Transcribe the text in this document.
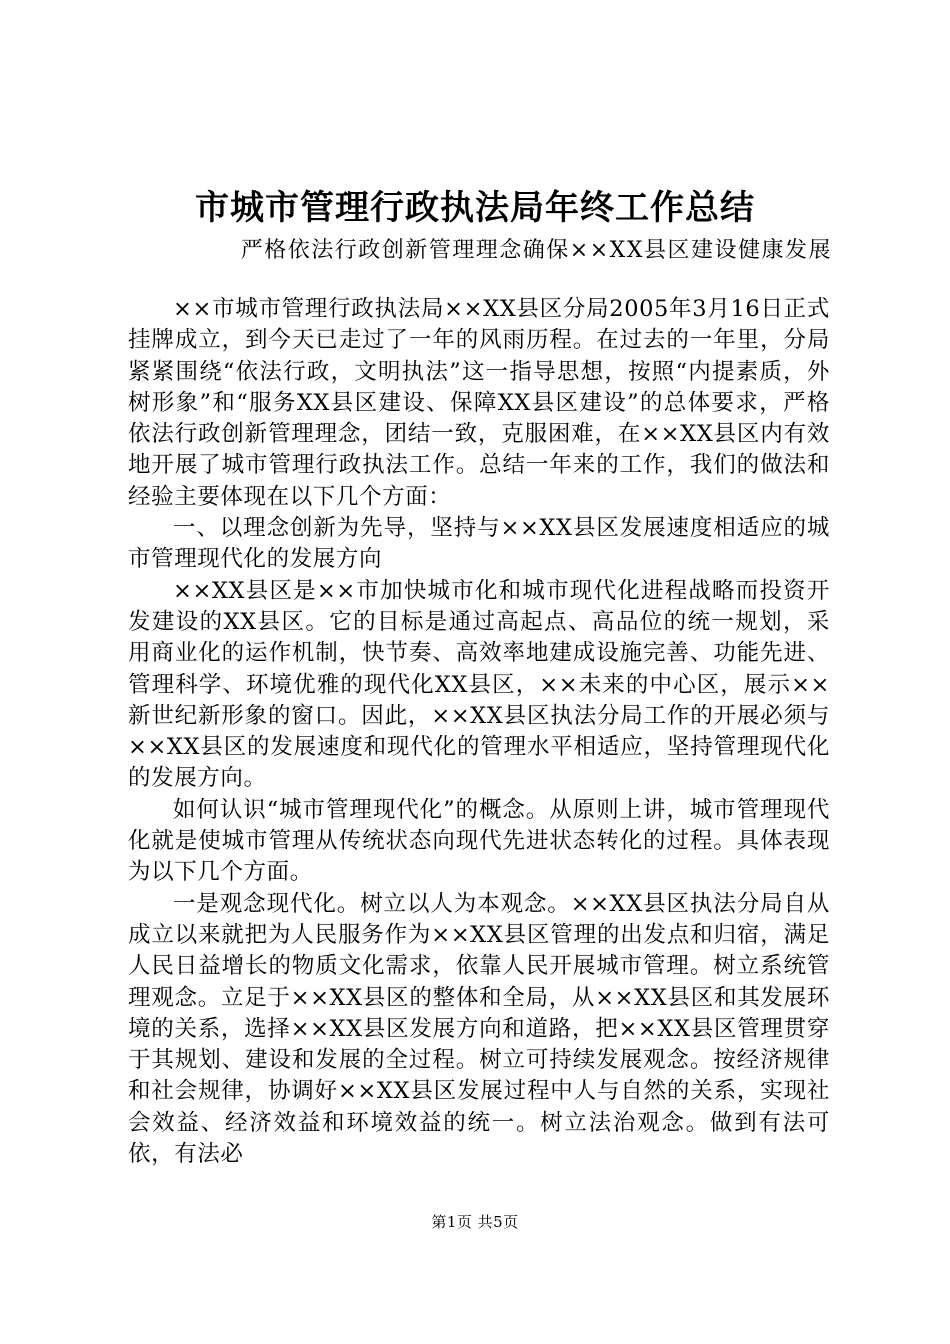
市城市管理行政执法局年终工作总结
严格依法行政创新管理理念确保××XX县区建设健康发展

××市城市管理行政执法局××XX县区分局2005年3月16日正式挂牌成立，到今天已走过了一年的风雨历程。在过去的一年里，分局紧紧围绕“依法行政，文明执法”这一指导思想，按照“内提素质，外树形象”和“服务XX县区建设、保障XX县区建设”的总体要求，严格依法行政创新管理理念，团结一致，克服困难，在××XX县区内有效地开展了城市管理行政执法工作。总结一年来的工作，我们的做法和经验主要体现在以下几个方面：

一、以理念创新为先导，坚持与××XX县区发展速度相适应的城市管理现代化的发展方向

××XX县区是××市加快城市化和城市现代化进程战略而投资开发建设的XX县区。它的目标是通过高起点、高品位的统一规划，采用商业化的运作机制，快节奏、高效率地建成设施完善、功能先进、管理科学、环境优雅的现代化XX县区，××未来的中心区，展示××新世纪新形象的窗口。因此，××XX县区执法分局工作的开展必须与××XX县区的发展速度和现代化的管理水平相适应，坚持管理现代化的发展方向。

如何认识“城市管理现代化”的概念。从原则上讲，城市管理现代化就是使城市管理从传统状态向现代先进状态转化的过程。具体表现为以下几个方面。

一是观念现代化。树立以人为本观念。××XX县区执法分局自从成立以来就把为人民服务作为××XX县区管理的出发点和归宿，满足人民日益增长的物质文化需求，依靠人民开展城市管理。树立系统管理观念。立足于××XX县区的整体和全局，从××XX县区和其发展环境的关系，选择××XX县区发展方向和道路，把××XX县区管理贯穿于其规划、建设和发展的全过程。树立可持续发展观念。按经济规律和社会规律，协调好××XX县区发展过程中人与自然的关系，实现社会效益、经济效益和环境效益的统一。树立法治观念。做到有法可依，有法必

第1页 共5页
